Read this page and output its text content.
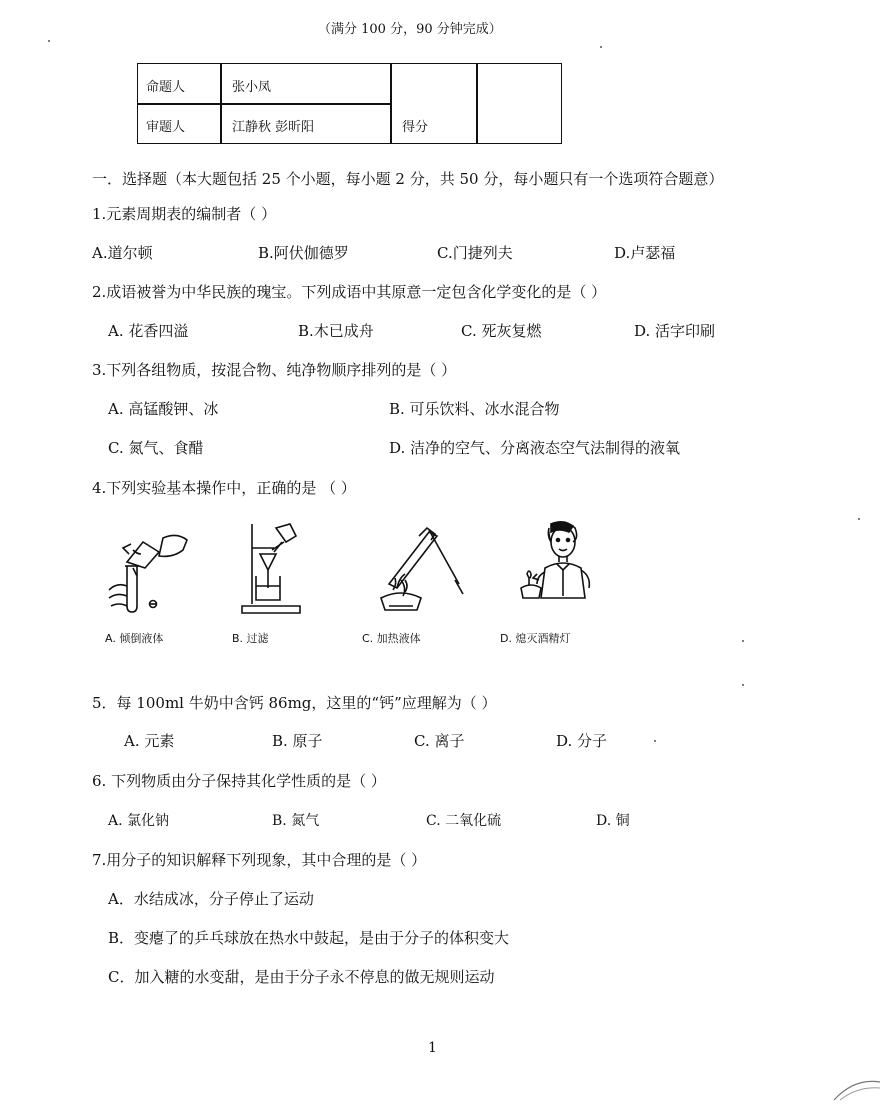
（满分 100 分，90 分钟完成）
命题人	张小凤
审题人	江静秋 彭昕阳	得分
一．选择题（本大题包括 25 个小题，每小题 2 分，共 50 分，每小题只有一个选项符合题意）
1.元素周期表的编制者（ ）
A.道尔顿	B.阿伏伽德罗	C.门捷列夫	D.卢瑟福
2.成语被誉为中华民族的瑰宝。下列成语中其原意一定包含化学变化的是（ ）
A. 花香四溢	B.木已成舟	C. 死灰复燃	D. 活字印刷
3.下列各组物质，按混合物、纯净物顺序排列的是（ ）
A. 高锰酸钾、冰	B. 可乐饮料、冰水混合物
C. 氮气、食醋	D. 洁净的空气、分离液态空气法制得的液氧
4.下列实验基本操作中，正确的是 （ ）
A. 倾倒液体	B. 过滤	C. 加热液体	D. 熄灭酒精灯
5．每 100ml 牛奶中含钙 86mg，这里的“钙”应理解为（ ）
A. 元素	B. 原子	C. 离子	D. 分子
6. 下列物质由分子保持其化学性质的是（ ）
A. 氯化钠	B. 氮气	C. 二氧化硫	D. 铜
7.用分子的知识解释下列现象，其中合理的是（ ）
A．水结成冰，分子停止了运动
B．变瘪了的乒乓球放在热水中鼓起，是由于分子的体积变大
C．加入糖的水变甜，是由于分子永不停息的做无规则运动
1
